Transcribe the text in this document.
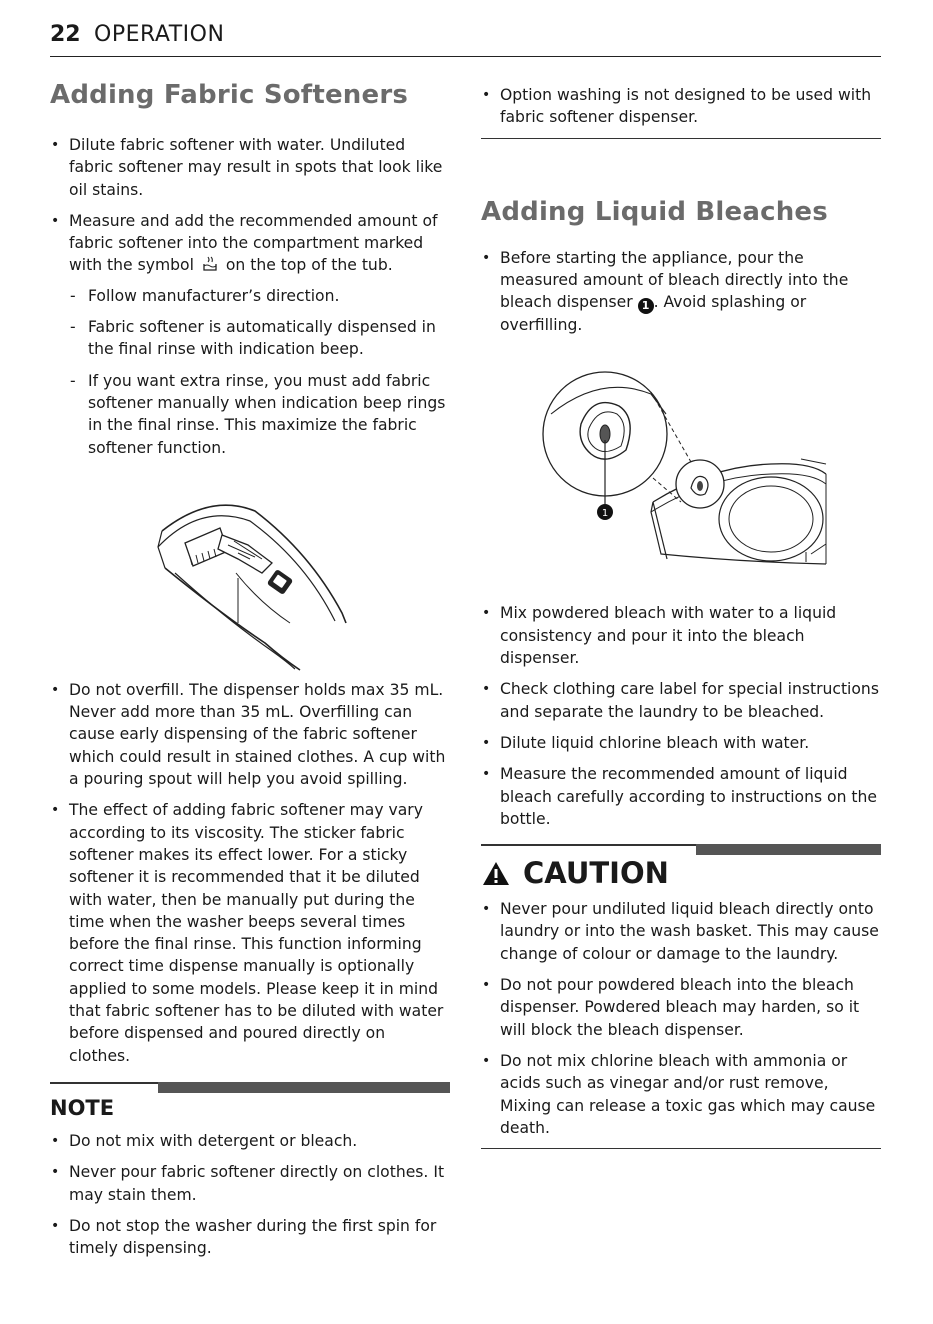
22 OPERATION
Adding Fabric Softeners
• Dilute fabric softener with water. Undiluted fabric softener may result in spots that look like oil stains.
• Measure and add the recommended amount of fabric softener into the compartment marked with the symbol on the top of the tub.
- Follow manufacturer’s direction.
- Fabric softener is automatically dispensed in the final rinse with indication beep.
- If you want extra rinse, you must add fabric softener manually when indication beep rings in the final rinse. This maximize the fabric softener function.
• Do not overfill. The dispenser holds max 35 mL. Never add more than 35 mL. Overfilling can cause early dispensing of the fabric softener which could result in stained clothes. A cup with a pouring spout will help you avoid spilling.
• The effect of adding fabric softener may vary according to its viscosity. The sticker fabric softener makes its effect lower. For a sticky softener it is recommended that it be diluted with water, then be manually put during the time when the washer beeps several times before the final rinse. This function informing correct time dispense manually is optionally applied to some models. Please keep it in mind that fabric softener has to be diluted with water before dispensed and poured directly on clothes.
NOTE
• Do not mix with detergent or bleach.
• Never pour fabric softener directly on clothes. It may stain them.
• Do not stop the washer during the first spin for timely dispensing.
• Option washing is not designed to be used with fabric softener dispenser.
Adding Liquid Bleaches
• Before starting the appliance, pour the measured amount of bleach directly into the bleach dispenser 1 . Avoid splashing or overfilling.
1
• Mix powdered bleach with water to a liquid consistency and pour it into the bleach dispenser.
• Check clothing care label for special instructions and separate the laundry to be bleached.
• Dilute liquid chlorine bleach with water.
• Measure the recommended amount of liquid bleach carefully according to instructions on the bottle.
CAUTION
• Never pour undiluted liquid bleach directly onto laundry or into the wash basket. This may cause change of colour or damage to the laundry.
• Do not pour powdered bleach into the bleach dispenser. Powdered bleach may harden, so it will block the bleach dispenser.
• Do not mix chlorine bleach with ammonia or acids such as vinegar and/or rust remove, Mixing can release a toxic gas which may cause death.
